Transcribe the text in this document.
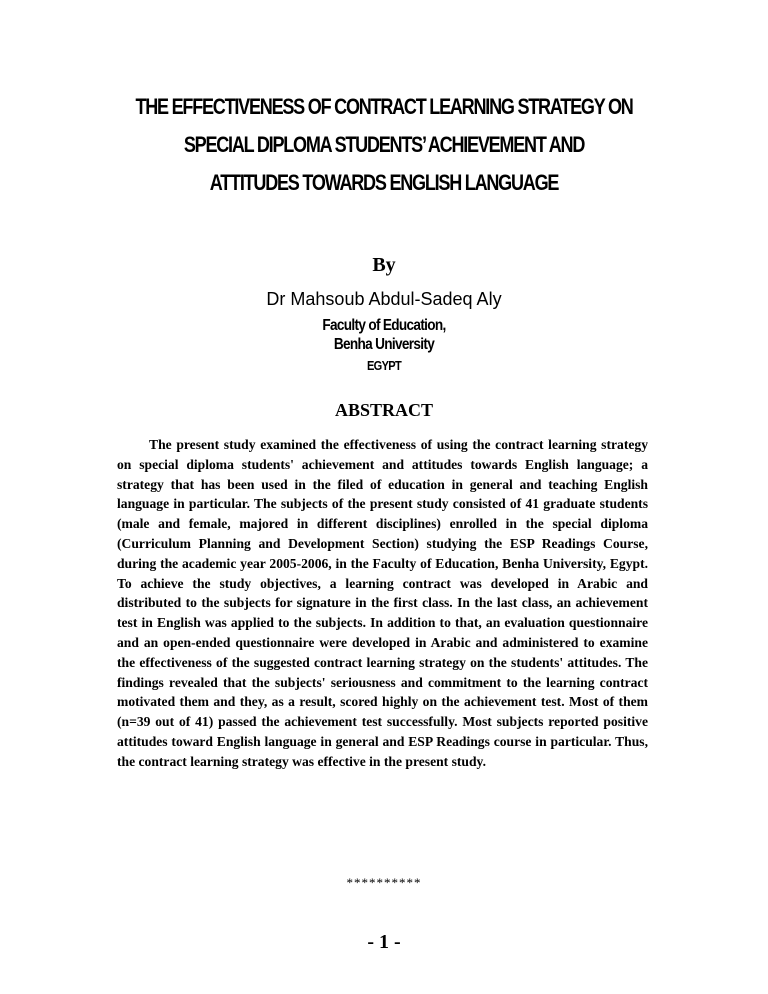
THE EFFECTIVENESS OF CONTRACT LEARNING STRATEGY ON
SPECIAL DIPLOMA STUDENTS’ ACHIEVEMENT AND
ATTITUDES TOWARDS ENGLISH LANGUAGE
By
Dr Mahsoub Abdul-Sadeq Aly
Faculty of Education,
Benha University
EGYPT
ABSTRACT

The present study examined the effectiveness of using the contract learning strategy on special diploma students' achievement and attitudes towards English language; a strategy that has been used in the filed of education in general and teaching English language in particular. The subjects of the present study consisted of 41 graduate students (male and female, majored in different disciplines) enrolled in the special diploma (Curriculum Planning and Development Section) studying the ESP Readings Course, during the academic year 2005-2006, in the Faculty of Education, Benha University, Egypt. To achieve the study objectives, a learning contract was developed in Arabic and distributed to the subjects for signature in the first class. In the last class, an achievement test in English was applied to the subjects. In addition to that, an evaluation questionnaire and an open-ended questionnaire were developed in Arabic and administered to examine the effectiveness of the suggested contract learning strategy on the students' attitudes. The findings revealed that the subjects' seriousness and commitment to the learning contract motivated them and they, as a result, scored highly on the achievement test. Most of them (n=39 out of 41) passed the achievement test successfully. Most subjects reported positive attitudes toward English language in general and ESP Readings course in particular. Thus, the contract learning strategy was effective in the present study.

**********
- 1 -
